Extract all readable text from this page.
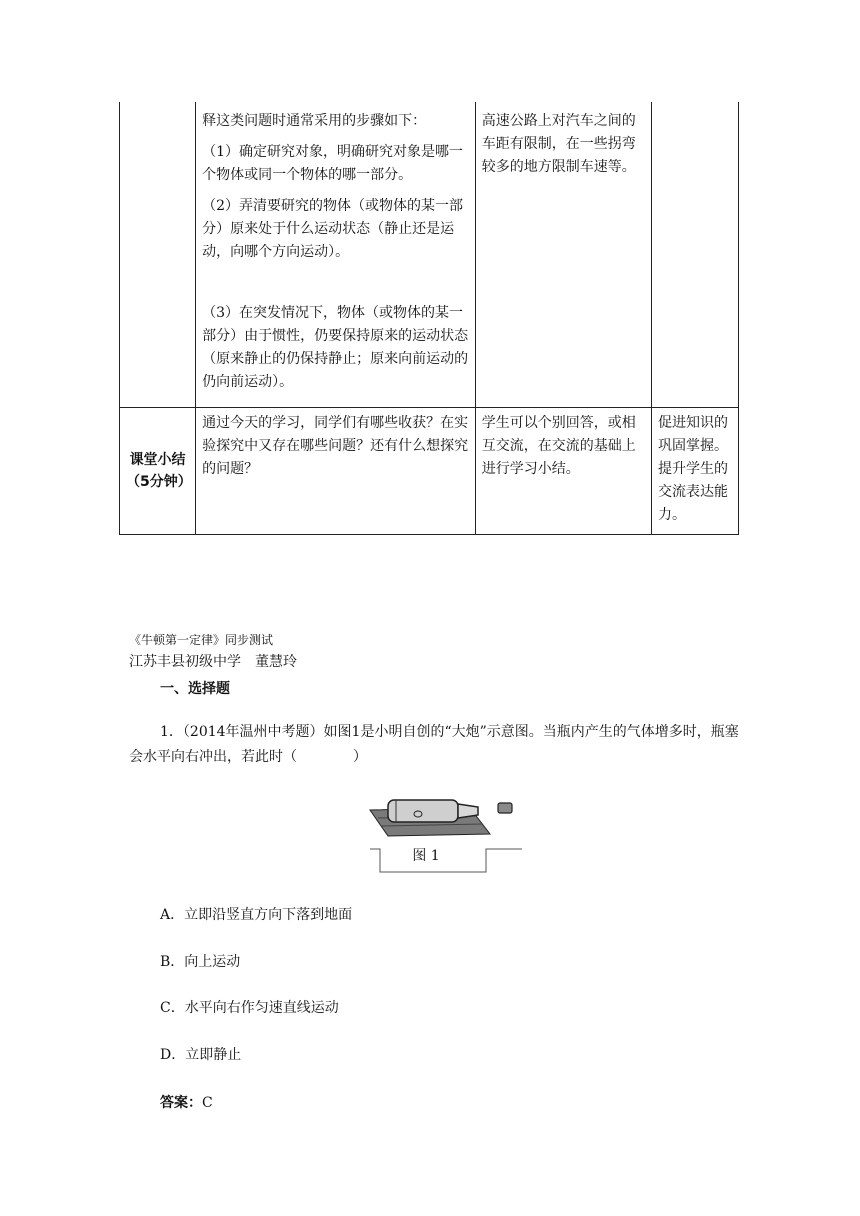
	释这类问题时通常采用的步骤如下：

（1）确定研究对象，明确研究对象是哪一个物体或同一个物体的哪一部分。

（2）弄清要研究的物体（或物体的某一部分）原来处于什么运动状态（静止还是运动，向哪个方向运动）。

（3）在突发情况下，物体（或物体的某一部分）由于惯性，仍要保持原来的运动状态（原来静止的仍保持静止；原来向前运动的仍向前运动）。	高速公路上对汽车之间的车距有限制，在一些拐弯较多的地方限制车速等。	

课堂小结
（5分钟）	通过今天的学习，同学们有哪些收获？在实验探究中又存在哪些问题？还有什么想探究的问题？	学生可以个别回答，或相互交流，在交流的基础上进行学习小结。	促进知识的巩固掌握。提升学生的交流表达能力。

《牛顿第一定律》同步测试
江苏丰县初级中学 董慧玲
一、选择题

1．（2014年温州中考题）如图1是小明自创的“大炮”示意图。当瓶内产生的气体增多时，瓶塞会水平向右冲出，若此时（　　　　）

图 1

A．立即沿竖直方向下落到地面

B．向上运动

C．水平向右作匀速直线运动

D．立即静止

答案：C
